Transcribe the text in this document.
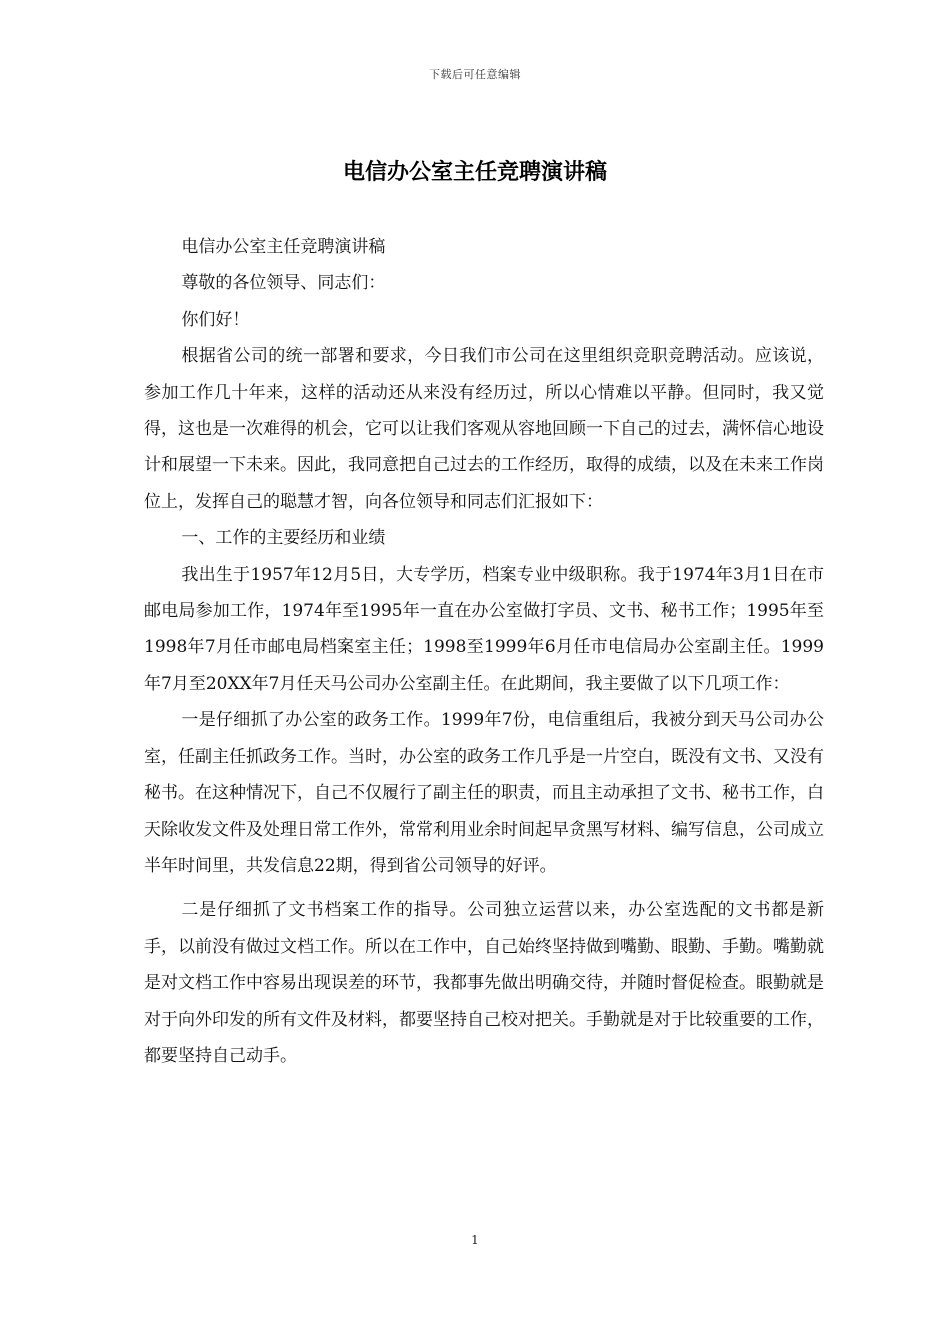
下载后可任意编辑
电信办公室主任竞聘演讲稿

电信办公室主任竞聘演讲稿

尊敬的各位领导、同志们：

你们好！

根据省公司的统一部署和要求，今日我们市公司在这里组织竞职竞聘活动。应该说，参加工作几十年来，这样的活动还从来没有经历过，所以心情难以平静。但同时，我又觉得，这也是一次难得的机会，它可以让我们客观从容地回顾一下自己的过去，满怀信心地设计和展望一下未来。因此，我同意把自己过去的工作经历，取得的成绩，以及在未来工作岗位上，发挥自己的聪慧才智，向各位领导和同志们汇报如下：

一、工作的主要经历和业绩

我出生于1957年12月5日，大专学历，档案专业中级职称。我于1974年3月1日在市邮电局参加工作，1974年至1995年一直在办公室做打字员、文书、秘书工作；1995年至1998年7月任市邮电局档案室主任；1998至1999年6月任市电信局办公室副主任。1999年7月至20XX年7月任天马公司办公室副主任。在此期间，我主要做了以下几项工作：

一是仔细抓了办公室的政务工作。1999年7份，电信重组后，我被分到天马公司办公室，任副主任抓政务工作。当时，办公室的政务工作几乎是一片空白，既没有文书、又没有秘书。在这种情况下，自己不仅履行了副主任的职责，而且主动承担了文书、秘书工作，白天除收发文件及处理日常工作外，常常利用业余时间起早贪黑写材料、编写信息，公司成立半年时间里，共发信息22期，得到省公司领导的好评。

二是仔细抓了文书档案工作的指导。公司独立运营以来，办公室选配的文书都是新手，以前没有做过文档工作。所以在工作中，自己始终坚持做到嘴勤、眼勤、手勤。嘴勤就是对文档工作中容易出现误差的环节，我都事先做出明确交待，并随时督促检查。眼勤就是对于向外印发的所有文件及材料，都要坚持自己校对把关。手勤就是对于比较重要的工作，都要坚持自己动手。

1
